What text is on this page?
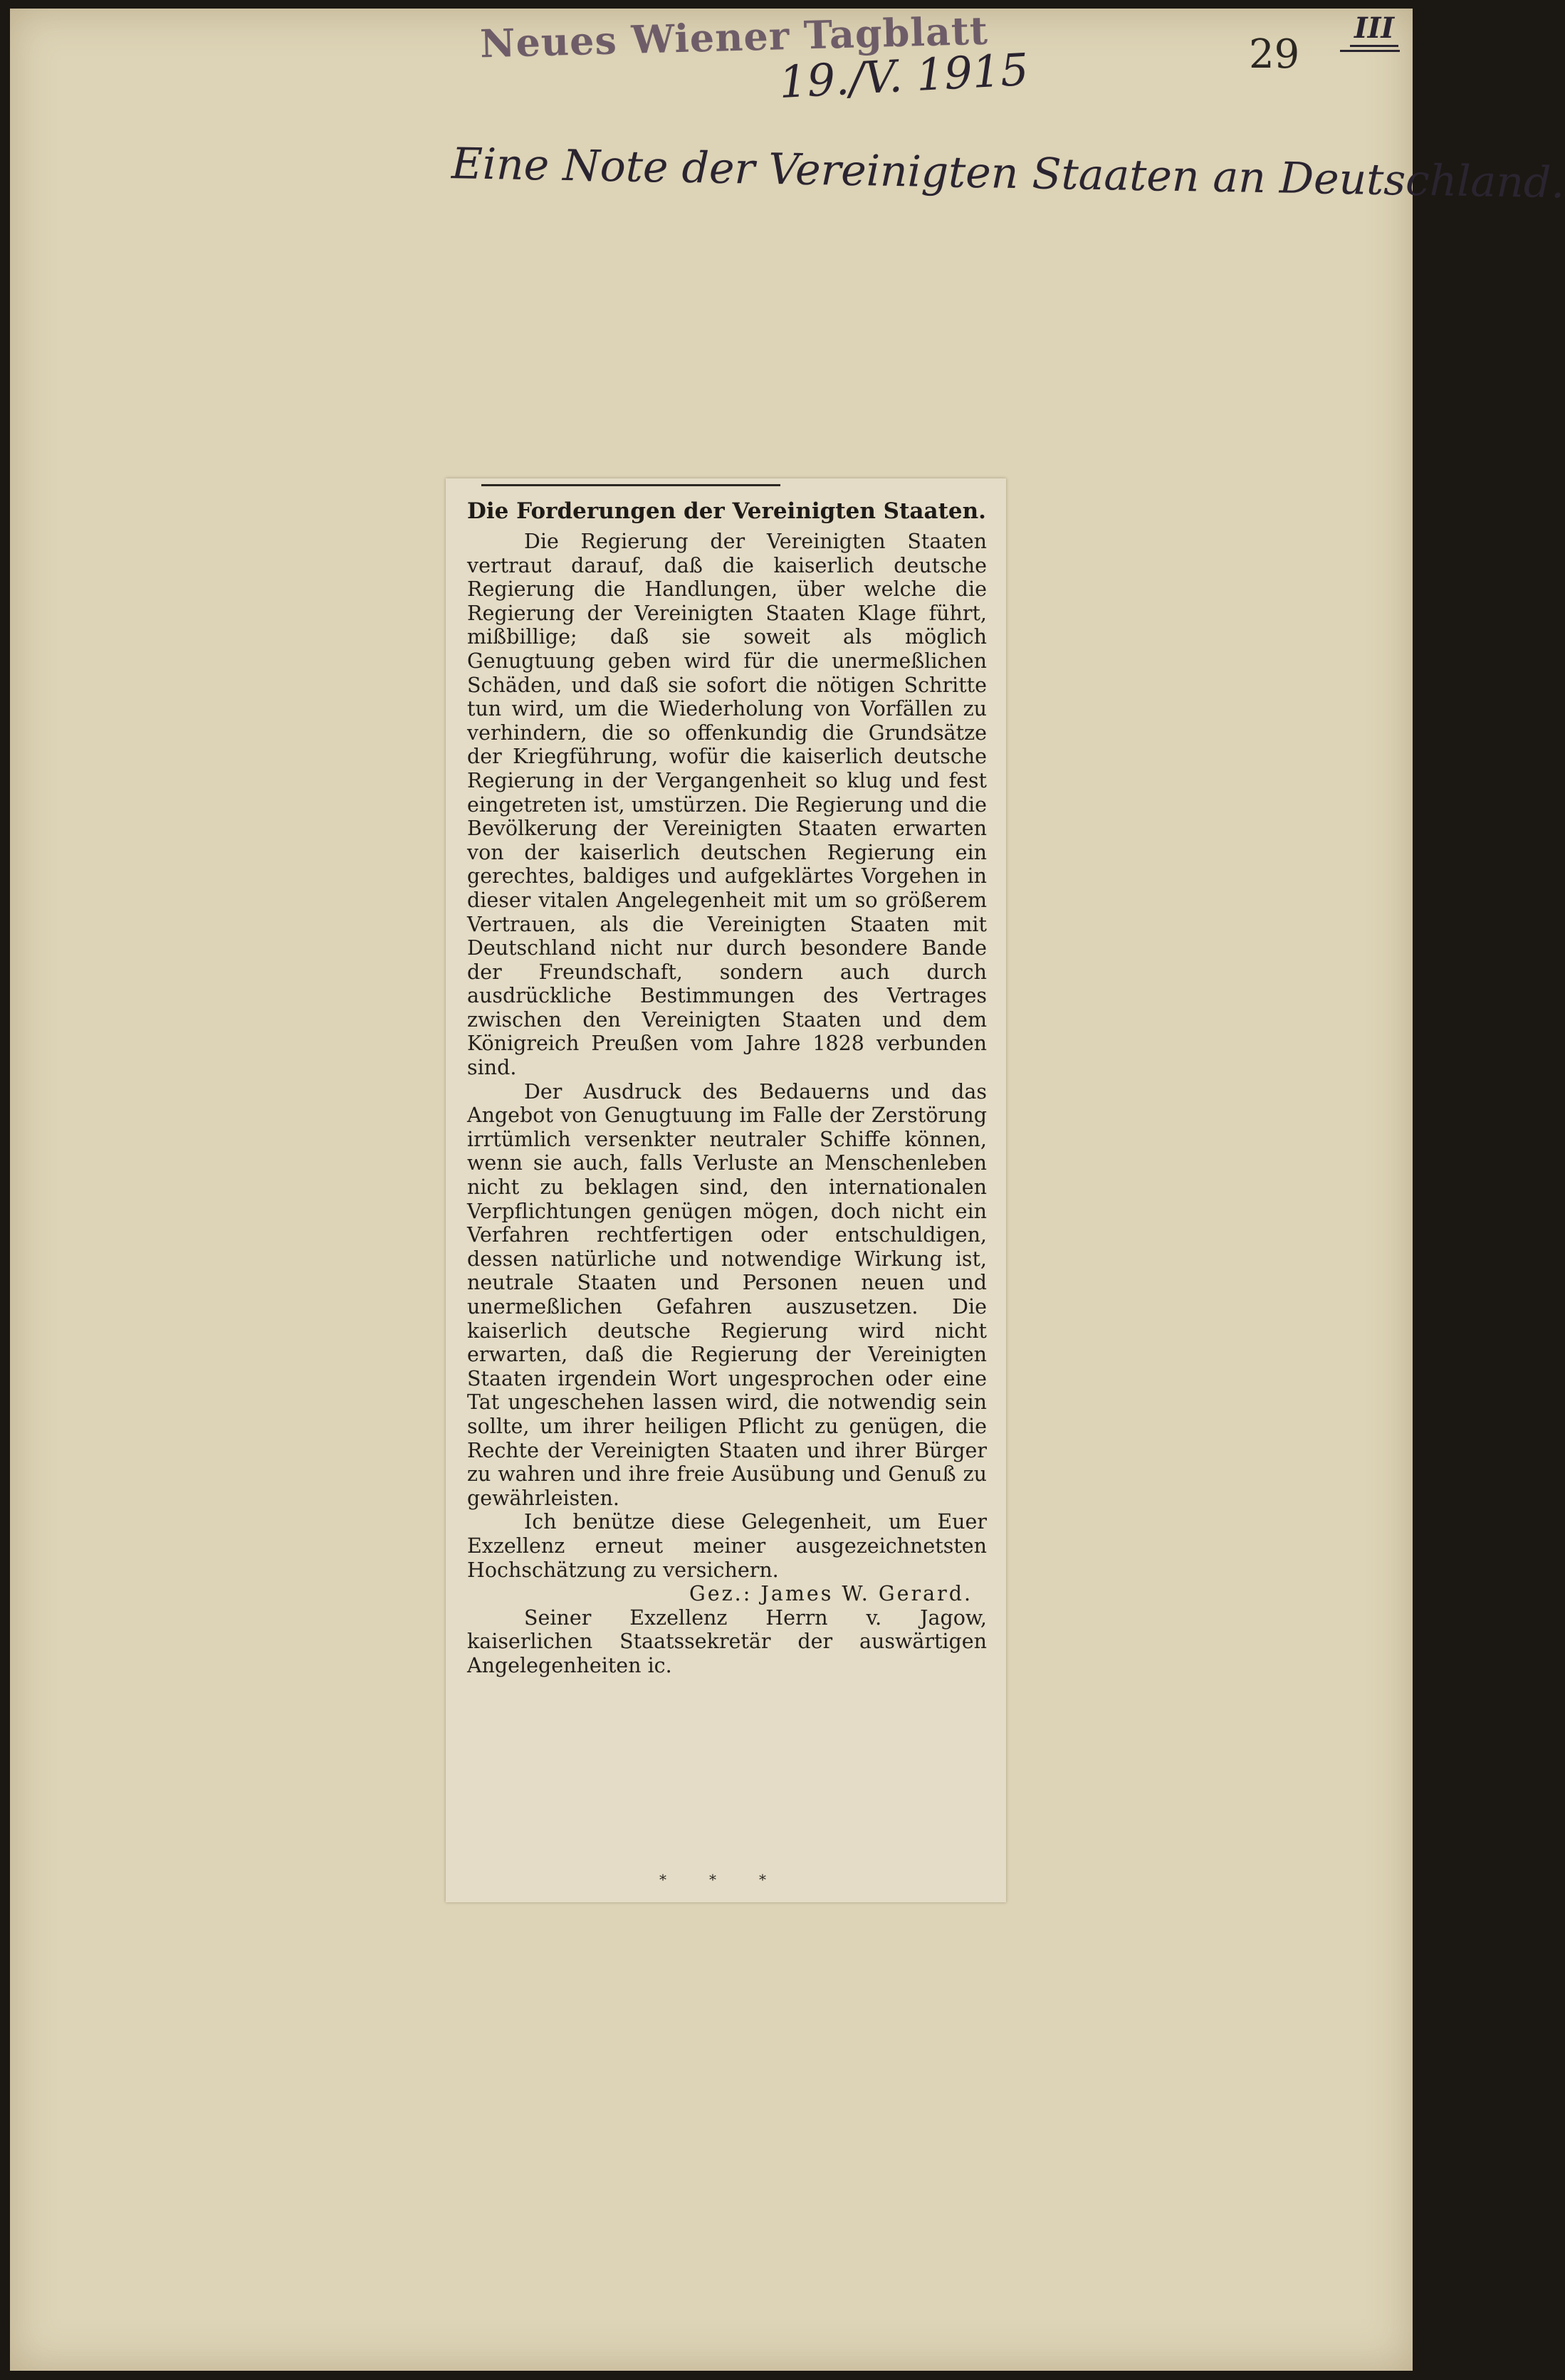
Neues Wiener Tagblatt
19./V. 1915	29
III
Eine Note der Vereinigten Staaten an Deutschland.
Die Forderungen der Vereinigten Staaten.

Die Regierung der Vereinigten Staaten vertraut darauf, daß die kaiserlich deutsche Regierung die Handlungen, über welche die Regierung der Vereinigten Staaten Klage führt, mißbillige; daß sie soweit als möglich Genugtuung geben wird für die unermeßlichen Schäden, und daß sie sofort die nötigen Schritte tun wird, um die Wiederholung von Vorfällen zu verhindern, die so offenkundig die Grundsätze der Kriegführung, wofür die kaiserlich deutsche Regierung in der Vergangenheit so klug und fest eingetreten ist, umstürzen. Die Regierung und die Bevölkerung der Vereinigten Staaten erwarten von der kaiserlich deutschen Regierung ein gerechtes, baldiges und aufgeklärtes Vorgehen in dieser vitalen Angelegenheit mit um so größerem Vertrauen, als die Vereinigten Staaten mit Deutschland nicht nur durch besondere Bande der Freundschaft, sondern auch durch ausdrückliche Bestimmungen des Vertrages zwischen den Vereinigten Staaten und dem Königreich Preußen vom Jahre 1828 verbunden sind.

Der Ausdruck des Bedauerns und das Angebot von Genugtuung im Falle der Zerstörung irrtümlich versenkter neutraler Schiffe können, wenn sie auch, falls Verluste an Menschenleben nicht zu beklagen sind, den internationalen Verpflichtungen genügen mögen, doch nicht ein Verfahren rechtfertigen oder entschuldigen, dessen natürliche und notwendige Wirkung ist, neutrale Staaten und Personen neuen und unermeßlichen Gefahren auszusetzen. Die kaiserlich deutsche Regierung wird nicht erwarten, daß die Regierung der Vereinigten Staaten irgendein Wort ungesprochen oder eine Tat ungeschehen lassen wird, die notwendig sein sollte, um ihrer heiligen Pflicht zu genügen, die Rechte der Vereinigten Staaten und ihrer Bürger zu wahren und ihre freie Ausübung und Genuß zu gewährleisten.

Ich benütze diese Gelegenheit, um Euer Exzellenz erneut meiner ausgezeichnetsten Hochschätzung zu versichern.

Gez.: James W. Gerard.

Seiner Exzellenz Herrn v. Jagow, kaiserlichen Staatssekretär der auswärtigen Angelegenheiten ic.

⁎⁎⁎
